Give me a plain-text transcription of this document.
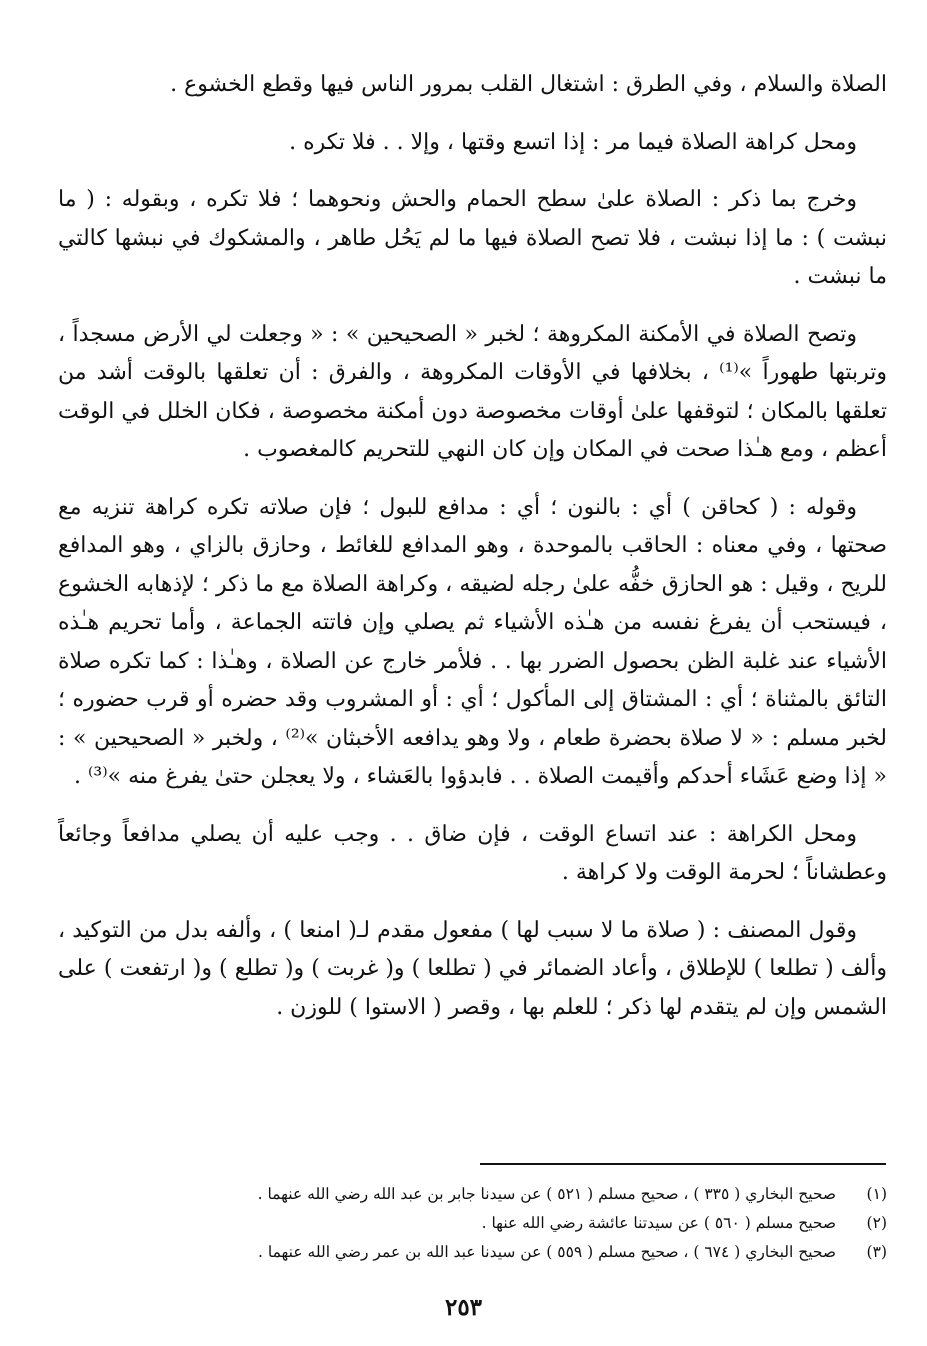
الصلاة والسلام ، وفي الطرق : اشتغال القلب بمرور الناس فيها وقطع الخشوع .

ومحل كراهة الصلاة فيما مر : إذا اتسع وقتها ، وإلا . . فلا تكره .

وخرج بما ذكر : الصلاة علىٰ سطح الحمام والحش ونحوهما ؛ فلا تكره ، وبقوله : ( ما نبشت ) : ما إذا نبشت ، فلا تصح الصلاة فيها ما لم يَحُل طاهر ، والمشكوك في نبشها كالتي ما نبشت .

وتصح الصلاة في الأمكنة المكروهة ؛ لخبر « الصحيحين » : « وجعلت لي الأرض مسجداً ، وتربتها طهوراً »⁽¹⁾ ، بخلافها في الأوقات المكروهة ، والفرق : أن تعلقها بالوقت أشد من تعلقها بالمكان ؛ لتوقفها علىٰ أوقات مخصوصة دون أمكنة مخصوصة ، فكان الخلل في الوقت أعظم ، ومع هـٰذا صحت في المكان وإن كان النهي للتحريم كالمغصوب .

وقوله : ( كحاقن ) أي : بالنون ؛ أي : مدافع للبول ؛ فإن صلاته تكره كراهة تنزيه مع صحتها ، وفي معناه : الحاقب بالموحدة ، وهو المدافع للغائط ، وحازق بالزاي ، وهو المدافع للريح ، وقيل : هو الحازق خفُّه علىٰ رجله لضيقه ، وكراهة الصلاة مع ما ذكر ؛ لإذهابه الخشوع ، فيستحب أن يفرغ نفسه من هـٰذه الأشياء ثم يصلي وإن فاتته الجماعة ، وأما تحريم هـٰذه الأشياء عند غلبة الظن بحصول الضرر بها . . فلأمر خارج عن الصلاة ، وهـٰذا : كما تكره صلاة التائق بالمثناة ؛ أي : المشتاق إلى المأكول ؛ أي : أو المشروب وقد حضره أو قرب حضوره ؛ لخبر مسلم : « لا صلاة بحضرة طعام ، ولا وهو يدافعه الأخبثان »⁽²⁾ ، ولخبر « الصحيحين » : « إذا وضع عَشَاء أحدكم وأقيمت الصلاة . . فابدؤوا بالعَشاء ، ولا يعجلن حتىٰ يفرغ منه »⁽³⁾ .

ومحل الكراهة : عند اتساع الوقت ، فإن ضاق . . وجب عليه أن يصلي مدافعاً وجائعاً وعطشاناً ؛ لحرمة الوقت ولا كراهة .

وقول المصنف : ( صلاة ما لا سبب لها ) مفعول مقدم لـ( امنعا ) ، وألفه بدل من التوكيد ، وألف ( تطلعا ) للإطلاق ، وأعاد الضمائر في ( تطلعا ) و( غربت ) و( تطلع ) و( ارتفعت ) على الشمس وإن لم يتقدم لها ذكر ؛ للعلم بها ، وقصر ( الاستوا ) للوزن .

(١) صحيح البخاري ( ٣٣٥ ) ، صحيح مسلم ( ٥٢١ ) عن سيدنا جابر بن عبد الله رضي الله عنهما .
(٢) صحيح مسلم ( ٥٦٠ ) عن سيدتنا عائشة رضي الله عنها .
(٣) صحيح البخاري ( ٦٧٤ ) ، صحيح مسلم ( ٥٥٩ ) عن سيدنا عبد الله بن عمر رضي الله عنهما .
٢٥٣
